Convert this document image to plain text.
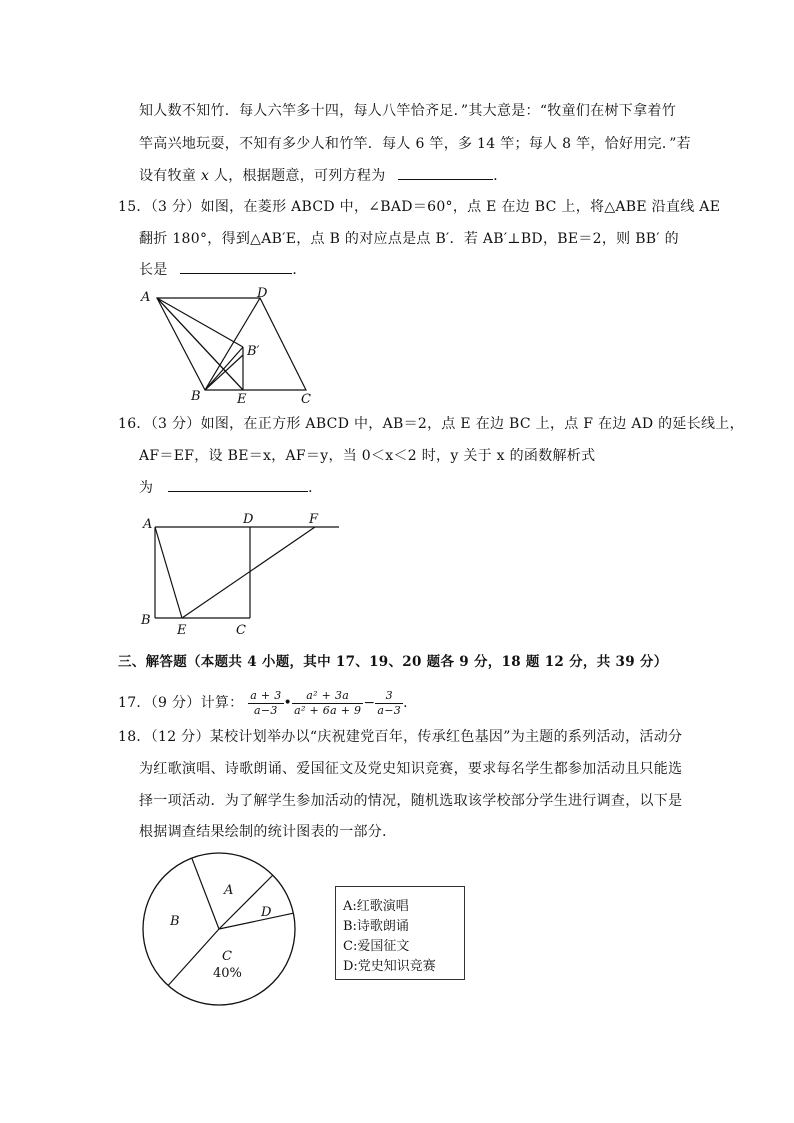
知人数不知竹．每人六竿多十四，每人八竿恰齐足．”其大意是：“牧童们在树下拿着竹
竿高兴地玩耍，不知有多少人和竹竿．每人 6 竿，多 14 竿；每人 8 竿，恰好用完．”若
设有牧童 x 人，根据题意，可列方程为	．
15．（3 分）如图，在菱形 ABCD 中，∠BAD＝60°，点 E 在边 BC 上，将△ABE 沿直线 AE
翻折 180°，得到△AB′E，点 B 的对应点是点 B′．若 AB′⊥BD，BE＝2，则 BB′ 的
长是	．
A	D
B′
B	E	C
16．（3 分）如图，在正方形 ABCD 中，AB＝2，点 E 在边 BC 上，点 F 在边 AD 的延长线上，
AF＝EF，设 BE＝x，AF＝y，当 0＜x＜2 时，y 关于 x 的函数解析式
为	．
A	D	F
B
E	C
三、解答题（本题共 4 小题，其中 17、19、20 题各 9 分，18 题 12 分，共 39 分）
17．（9 分）计算： $\frac{a + 3}{a-3}$ • $\frac{\text{a² + 3a}}{\text{a² + 6a + 9}} - \frac{3}{a-3}$ .
18．（12 分）某校计划举办以“庆祝建党百年，传承红色基因”为主题的系列活动，活动分
为红歌演唱、诗歌朗诵、爱国征文及党史知识竞赛，要求每名学生都参加活动且只能选
择一项活动．为了解学生参加活动的情况，随机选取该学校部分学生进行调查，以下是
根据调查结果绘制的统计图表的一部分．
A
D
C
40%
B
A:红歌演唱
B:诗歌朗诵
C:爱国征文
D:党史知识竞赛
